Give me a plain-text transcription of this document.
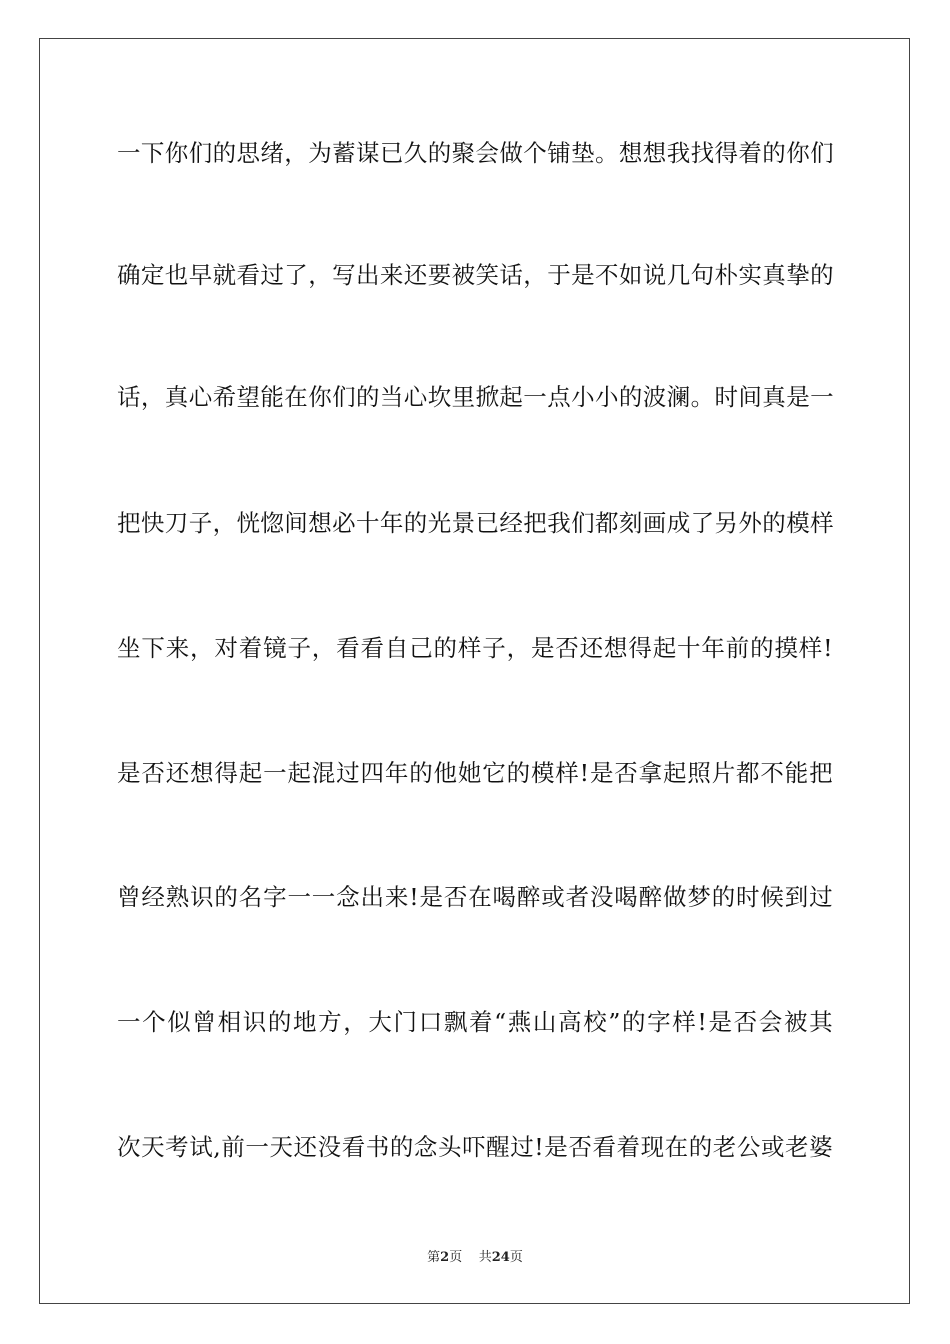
一下你们的思绪，为蓄谋已久的聚会做个铺垫。想想我找得着的你们
确定也早就看过了，写出来还要被笑话，于是不如说几句朴实真挚的
话，真心希望能在你们的当心坎里掀起一点小小的波澜。时间真是一
把快刀子，恍惚间想必十年的光景已经把我们都刻画成了另外的模样
坐下来，对着镜子，看看自己的样子，是否还想得起十年前的摸样!
是否还想得起一起混过四年的他她它的模样!是否拿起照片都不能把
曾经熟识的名字一一念出来!是否在喝醉或者没喝醉做梦的时候到过
一个似曾相识的地方，大门口飘着“燕山高校”的字样!是否会被其
次天考试,前一天还没看书的念头吓醒过!是否看着现在的老公或老婆
第2页 共24页
